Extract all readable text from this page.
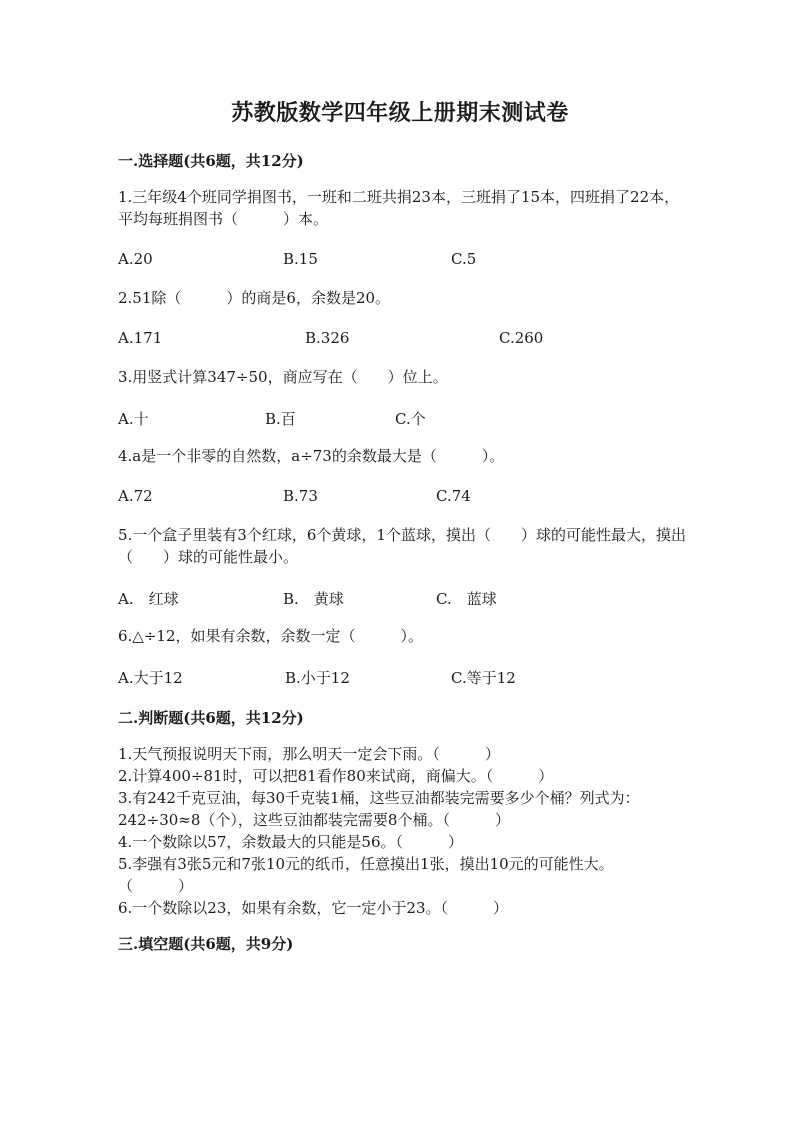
苏教版数学四年级上册期末测试卷
一.选择题(共6题，共12分)
1.三年级4个班同学捐图书，一班和二班共捐23本，三班捐了15本，四班捐了22本，平均每班捐图书（　　　）本。
A.20	B.15	C.5
2.51除（　　　）的商是6，余数是20。
A.171	B.326	C.260
3.用竖式计算347÷50，商应写在（　　）位上。
A.十	B.百	C.个
4.a是一个非零的自然数，a÷73的余数最大是（　　　）。
A.72	B.73	C.74
5.一个盒子里装有3个红球，6个黄球，1个蓝球，摸出（　　）球的可能性最大，摸出（　　）球的可能性最小。
A.　红球	B.　黄球	C.　蓝球
6.△÷12，如果有余数，余数一定（　　　）。
A.大于12	B.小于12	C.等于12
二.判断题(共6题，共12分)
1.天气预报说明天下雨，那么明天一定会下雨。（　　　）
2.计算400÷81时，可以把81看作80来试商，商偏大。（　　　）
3.有242千克豆油，每30千克装1桶，这些豆油都装完需要多少个桶？列式为：242÷30≈8（个），这些豆油都装完需要8个桶。（　　　）
4.一个数除以57，余数最大的只能是56。（　　　）
5.李强有3张5元和7张10元的纸币，任意摸出1张，摸出10元的可能性大。　　　（　　　）
6.一个数除以23，如果有余数，它一定小于23。（　　　）
三.填空题(共6题，共9分)
